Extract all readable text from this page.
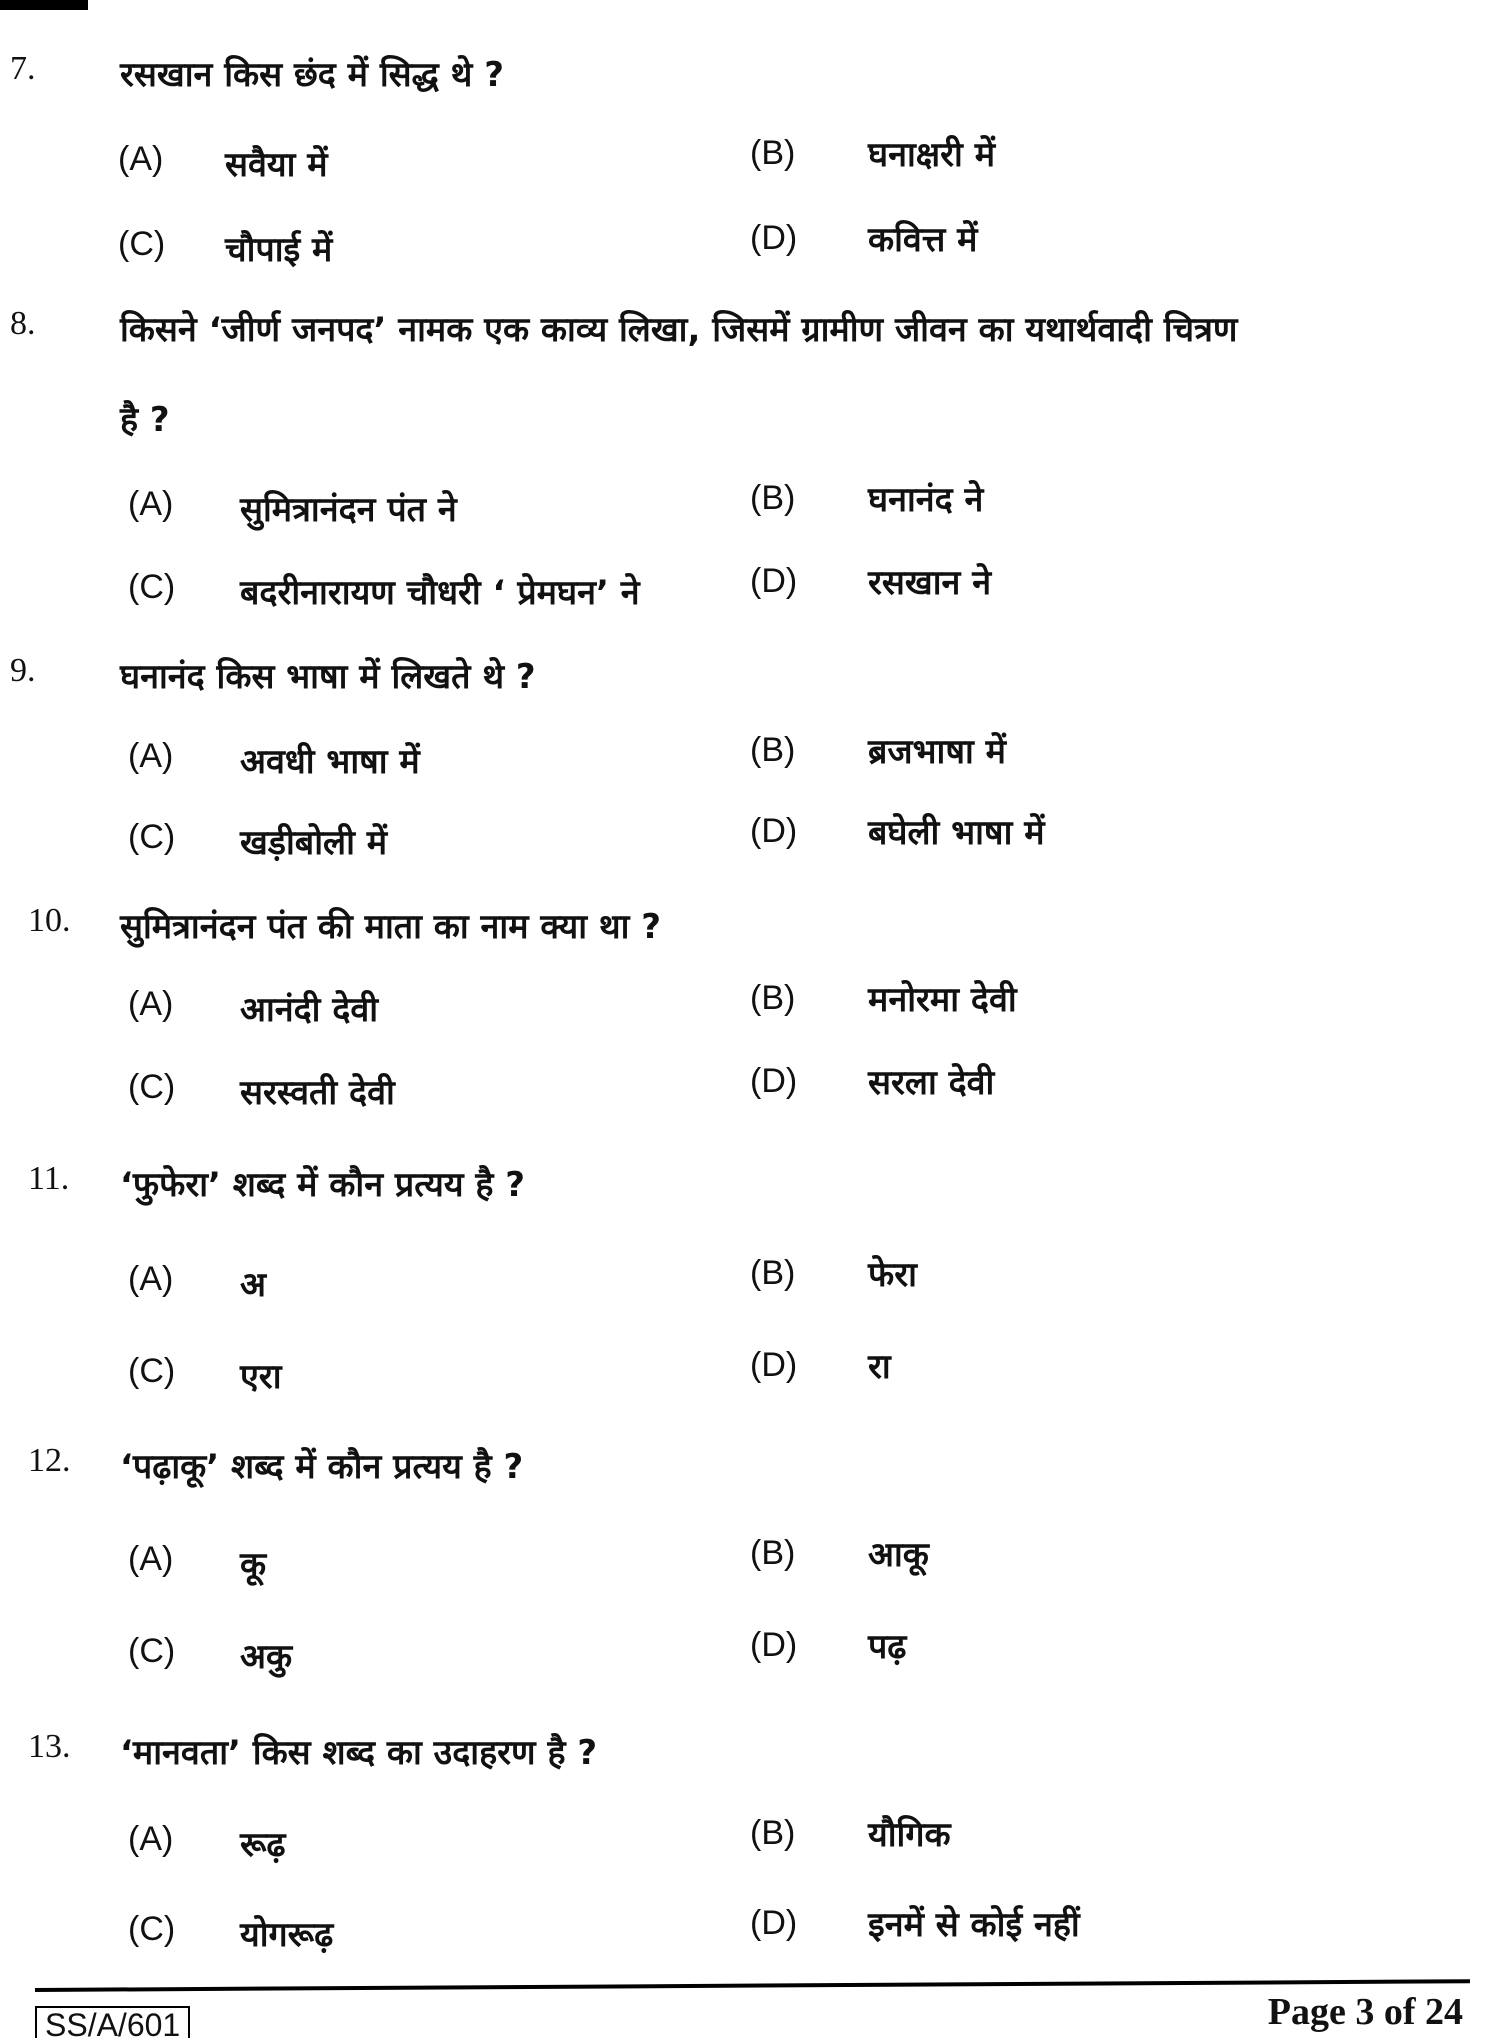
7. रसखान किस छंद में सिद्ध थे ?
(A) सवैया में	(B) घनाक्षरी में
(C) चौपाई में	(D) कवित्त में
8. किसने ‘जीर्ण जनपद’ नामक एक काव्य लिखा, जिसमें ग्रामीण जीवन का यथार्थवादी चित्रण
है ?
(A) सुमित्रानंदन पंत ने	(B) घनानंद ने
(C) बदरीनारायण चौधरी ‘ प्रेमघन’ ने	(D) रसखान ने
9. घनानंद किस भाषा में लिखते थे ?
(A) अवधी भाषा में	(B) ब्रजभाषा में
(C) खड़ीबोली में	(D) बघेली भाषा में
10. सुमित्रानंदन पंत की माता का नाम क्या था ?
(A) आनंदी देवी	(B) मनोरमा देवी
(C) सरस्वती देवी	(D) सरला देवी
11. ‘फुफेरा’ शब्द में कौन प्रत्यय है ?
(A) अ	(B) फेरा
(C) एरा	(D) रा
12. ‘पढ़ाकू’ शब्द में कौन प्रत्यय है ?
(A) कू	(B) आकू
(C) अकु	(D) पढ़
13. ‘मानवता’ किस शब्द का उदाहरण है ?
(A) रूढ़	(B) यौगिक
(C) योगरूढ़	(D) इनमें से कोई नहीं
SS/A/601	Page 3 of 24
